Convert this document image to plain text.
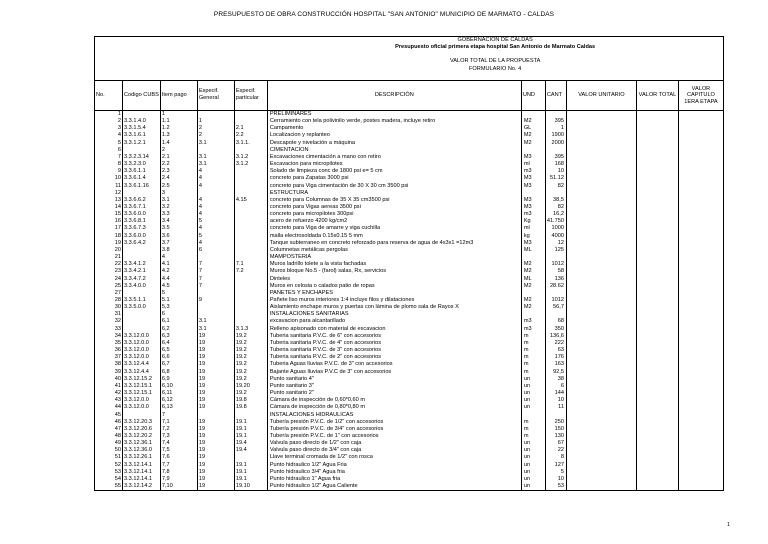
PRESUPUESTO DE OBRA CONSTRUCCIÓN HOSPITAL "SAN ANTONIO" MUNICIPIO DE MARMATO - CALDAS
					GOBERNACIÓN DE CALDAS					
					Presupuesto oficial primera etapa hospital San Antonio de Marmato Caldas					

					VALOR TOTAL DE LA PROPUESTA					
					FORMULARIO No. 4					

No.	Codigo CUBS	Item pago	Especif. General	Especif. particular	DESCRIPCIÓN	UND	CANT	VALOR UNITARIO	VALOR TOTAL	VALOR CAPITULO 1ERA ETAPA
1		1			PRELIMINARES					
2	3.3.1.4.0	1.1	1		Cerramiento con tela polivinilo verde, postes madera, incluye retiro	M2	395			
3	3.3.1.5.4	1.2	2	2.1	Campamento	GL	1			
4	3.3.1.6.1	1.3	2	2.2	Localizacion y replanteo	M2	1900			
5	3.3.1.2.1	1.4	3.1	3.1.1.	Descapote y nivelación a máquina	M2	2000			
6		2			CIMENTACION					
7	3.3.2.3.14	2.1	3.1	3.1.2	Excavaciones cimentación a mano con retiro	M3	395			
8	3.3.2.3.0	2.2	3.1	3.1.2	Excavacion para micropilotes	ml	168			
9	3.3.6.1.1	2.3	4		Solado de limpieza conc de 1800 psi e= 5 cm	m3	10			
10	3.3.6.1.4	2.4	4		concreto para Zapatas 3000 psi	M3	51.12			
11	3.3.6.1.16	2.5	4		concreto para Viga cimentación de 30 X 30 cm 3500 psi	M3	82			
12		3			ESTRUCTURA					
13	3.3.6.6.2	3.1	4	4.15	concreto para Columnas de 35 X 35 cm3500 psi	M3	38,5			
14	3.3.6.7.1	3.2	4		concreto para Vigas aereas 3500 psi	M3	82			
15	3.3.6.0.0	3.3	4		concreto para micropilotes 300psi	m3	16,2			
16	3.3.6.8.1	3.4	5		acero de refuerzo 4200 kg/cm2	Kg	41.750			
17	3.3.6.7.3	3.5	4		concreto para Viga de amarre y viga cuchilla	ml	1000			
18	3.3.6.0.0	3.6	5		malla electrosoldada 0.15x0.15 5 mm	kg	4000			
19	3.3.6.4.2	3.7	4		Tanque subterraneo en concreto reforzado para reserva de agua de 4x3x1 =12m3	M3	12			
20		3.8	6		Columnetas metálicas pergolas	ML	125			
21		4			MAMPOSTERIA					
22	3.3.4.1.2	4.1	7	7.1	Muros ladrillo tolete a la vista fachadas	M2	1012			
23	3.3.4.2.1	4.2	7	7.2	Muros bloque No.5 - (farol) salas, Rx, servicios	M2	58			
24	3.3.4.7.2	4.4	7		Dinteles	ML	136			
25	3.3.4.0.0	4.5	7		Muros en celosia o calados patio de ropas	M2	28.62			
27		5			PAÑETES Y ENCHAPES					
28	3.3.5.1.1	5.1	9		Pañete liso muros interiores 1:4 incluye filos y dilataciones	M2	1012			
30	3.3.5.0.0	5,3			Aislamiento enchape muros y puertas con lámina de plomo sala de Rayos X	M2	56,7			
31		6			INSTALACIONES SANITARIAS					
32		6,1	3.1		excavacion para alcantarillado	m3	68			
33		6,2	3.1	3.1.3	Relleno apisonado con material de excavacion	m3	350			
34	3.3.12.0.0	6,3	19	19.2	Tuberia sanitaria P.V.C. de 6" con accesorios	m	136,6			
35	3.3.12.0.0	6,4	19	19.2	Tuberia sanitaria P.V.C. de 4" con accesorios	m	222			
36	3.3.12.0.0	6,5	19	19.2	Tuberia sanitaria P.V.C. de 3" con accesorios	m	63			
37	3.3.12.0.0	6,6	19	19.2	Tuberia sanitaria P.V.C. de 2" con accesorios	m	176			
38	3.3.12.4.4	6,7	19	19.2	Tuberia Aguas lluvias P.V.C. de 3" con accesorios	m	163			
39	3.3.12.4.4	6,8	19	19.2	Bajante Aguas lluvias P.V.C de 3" con accesorios	m	92,5			
40	3.3.12.15.2	6,9	19	19.2	Punto sanitario 4"	un	38			
41	3.3.12.15.1	6,10	19	19.20	Punto sanitario 3"	un	6			
42	3.3.12.15.1	6,11	19	19.2	Punto sanitario 2"	un	144			
43	3.3.12.0.0	6,12	19	19.8	Cámara de inspección de 0,60*0,60 m	un	10			
44	3.3.12.0.0	6,13	19	19.8	Cámara de inspección de 0,80*0,80 m	un	11			
45		7			INSTALACIONES HIDRAULICAS					
46	3.3.12.20.3	7,1	19	19.1	Tubería presión P.V.C. de 1/2" con accesorios	m	250			
47	3.3.12.20.6	7,2	19	19.1	Tubería presión P.V.C. de 3/4" con accesorios	m	150			
48	3.3.12.20.2	7,3	19	19.1	Tubería presión P.V.C. de 1" con accesorios	m	130			
49	3.3.12.36.1	7,4	19	19.4	Valvula paso directo de 1/2" con caja	un	67			
50	3.3.12.36.0	7,5	19	19.4	Valvula paso directo de 3/4" con caja	un	22			
51	3.3.12.26.1	7,6	19		Llave terminal cromada de 1/2" con rosca	un	8			
52	3.3.12.14.1	7,7	19	19.1	Punto hidraulico 1/2" Agua Fria	un	127			
53	3.3.12.14.1	7,8	19	19.1	Punto hidraulico 3/4" Agua fria	un	5			
54	3.3.12.14.1	7,9	19	19.1	Punto hidraulico 1" Agua fria	un	10			
55	3.3.12.14.2	7,10	19	19.10	Punto hidraulico 1/2" Agua Caliente	un	53			
1
